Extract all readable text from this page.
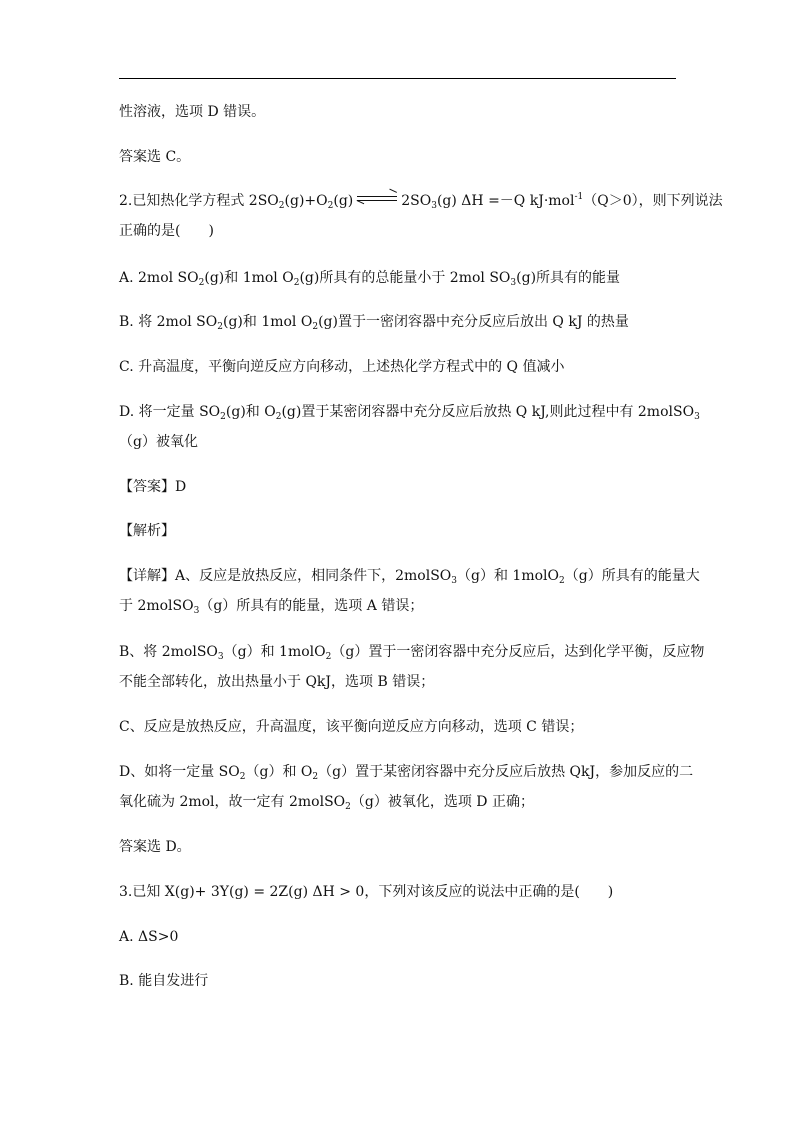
性溶液，选项 D 错误。
答案选 C。
2.已知热化学方程式 $2SO_2(g)+O_2(g)$	$2SO_3(g)$ ΔH =－Q kJ·mol$^{-1}$（Q＞0），则下列说法
正确的是(　　)
A. 2mol $SO_2(g)$和 1mol $O_2(g)$所具有的总能量小于 2mol $SO_3(g)$所具有的能量
B. 将 2mol $SO_2(g)$和 1mol $O_2(g)$置于一密闭容器中充分反应后放出 Q kJ 的热量
C. 升高温度，平衡向逆反应方向移动，上述热化学方程式中的 Q 值减小
D. 将一定量 $SO_2(g)$和 $O_2(g)$置于某密闭容器中充分反应后放热 Q kJ,则此过程中有 2molSO$_3$
（g）被氧化
【答案】D
【解析】
【详解】A、反应是放热反应，相同条件下，2molSO$_3$（g）和 1molO$_2$（g）所具有的能量大
于 2molSO$_3$（g）所具有的能量，选项 A 错误；
B、将 2molSO$_3$（g）和 1molO$_2$（g）置于一密闭容器中充分反应后，达到化学平衡，反应物
不能全部转化，放出热量小于 QkJ，选项 B 错误；
C、反应是放热反应，升高温度，该平衡向逆反应方向移动，选项 C 错误；
D、如将一定量 $SO_2(g)$和 $O_2(g)$置于某密闭容器中充分反应后放热 QkJ，参加反应的二
氧化硫为 2mol，故一定有 2molSO$_2$（g）被氧化，选项 D 正确；
答案选 D。
3.已知 X(g)+ 3Y(g) = 2Z(g) ΔH > 0，下列对该反应的说法中正确的是(　　)
A. ΔS>0
B. 能自发进行
